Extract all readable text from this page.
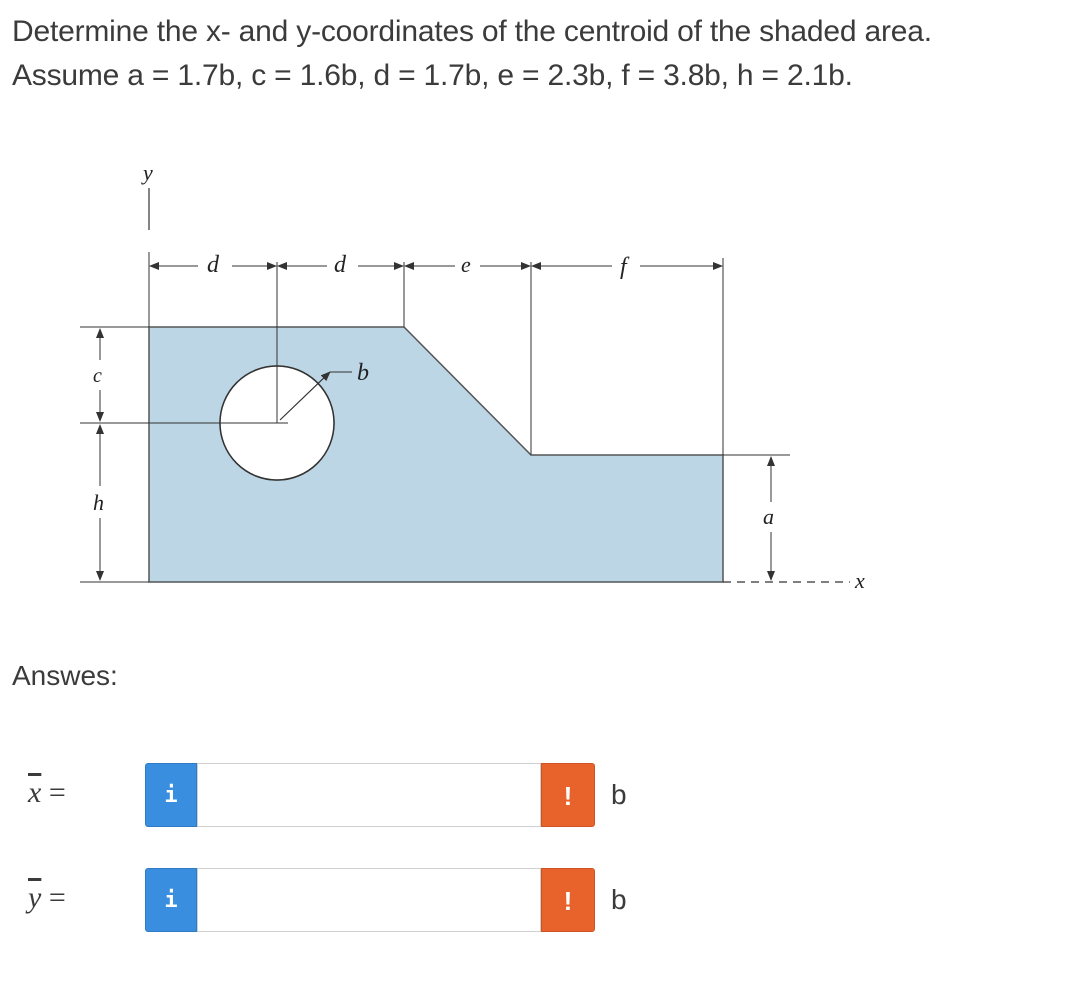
Determine the x- and y-coordinates of the centroid of the shaded area.
Assume a = 1.7b, c = 1.6b, d = 1.7b, e = 2.3b, f = 3.8b, h = 2.1b.
y
x
d	d	e	f
c
h
a
b
Answes:
$\overline{x}$ =	i	!	b
$\overline{y}$ =	i	!	b
